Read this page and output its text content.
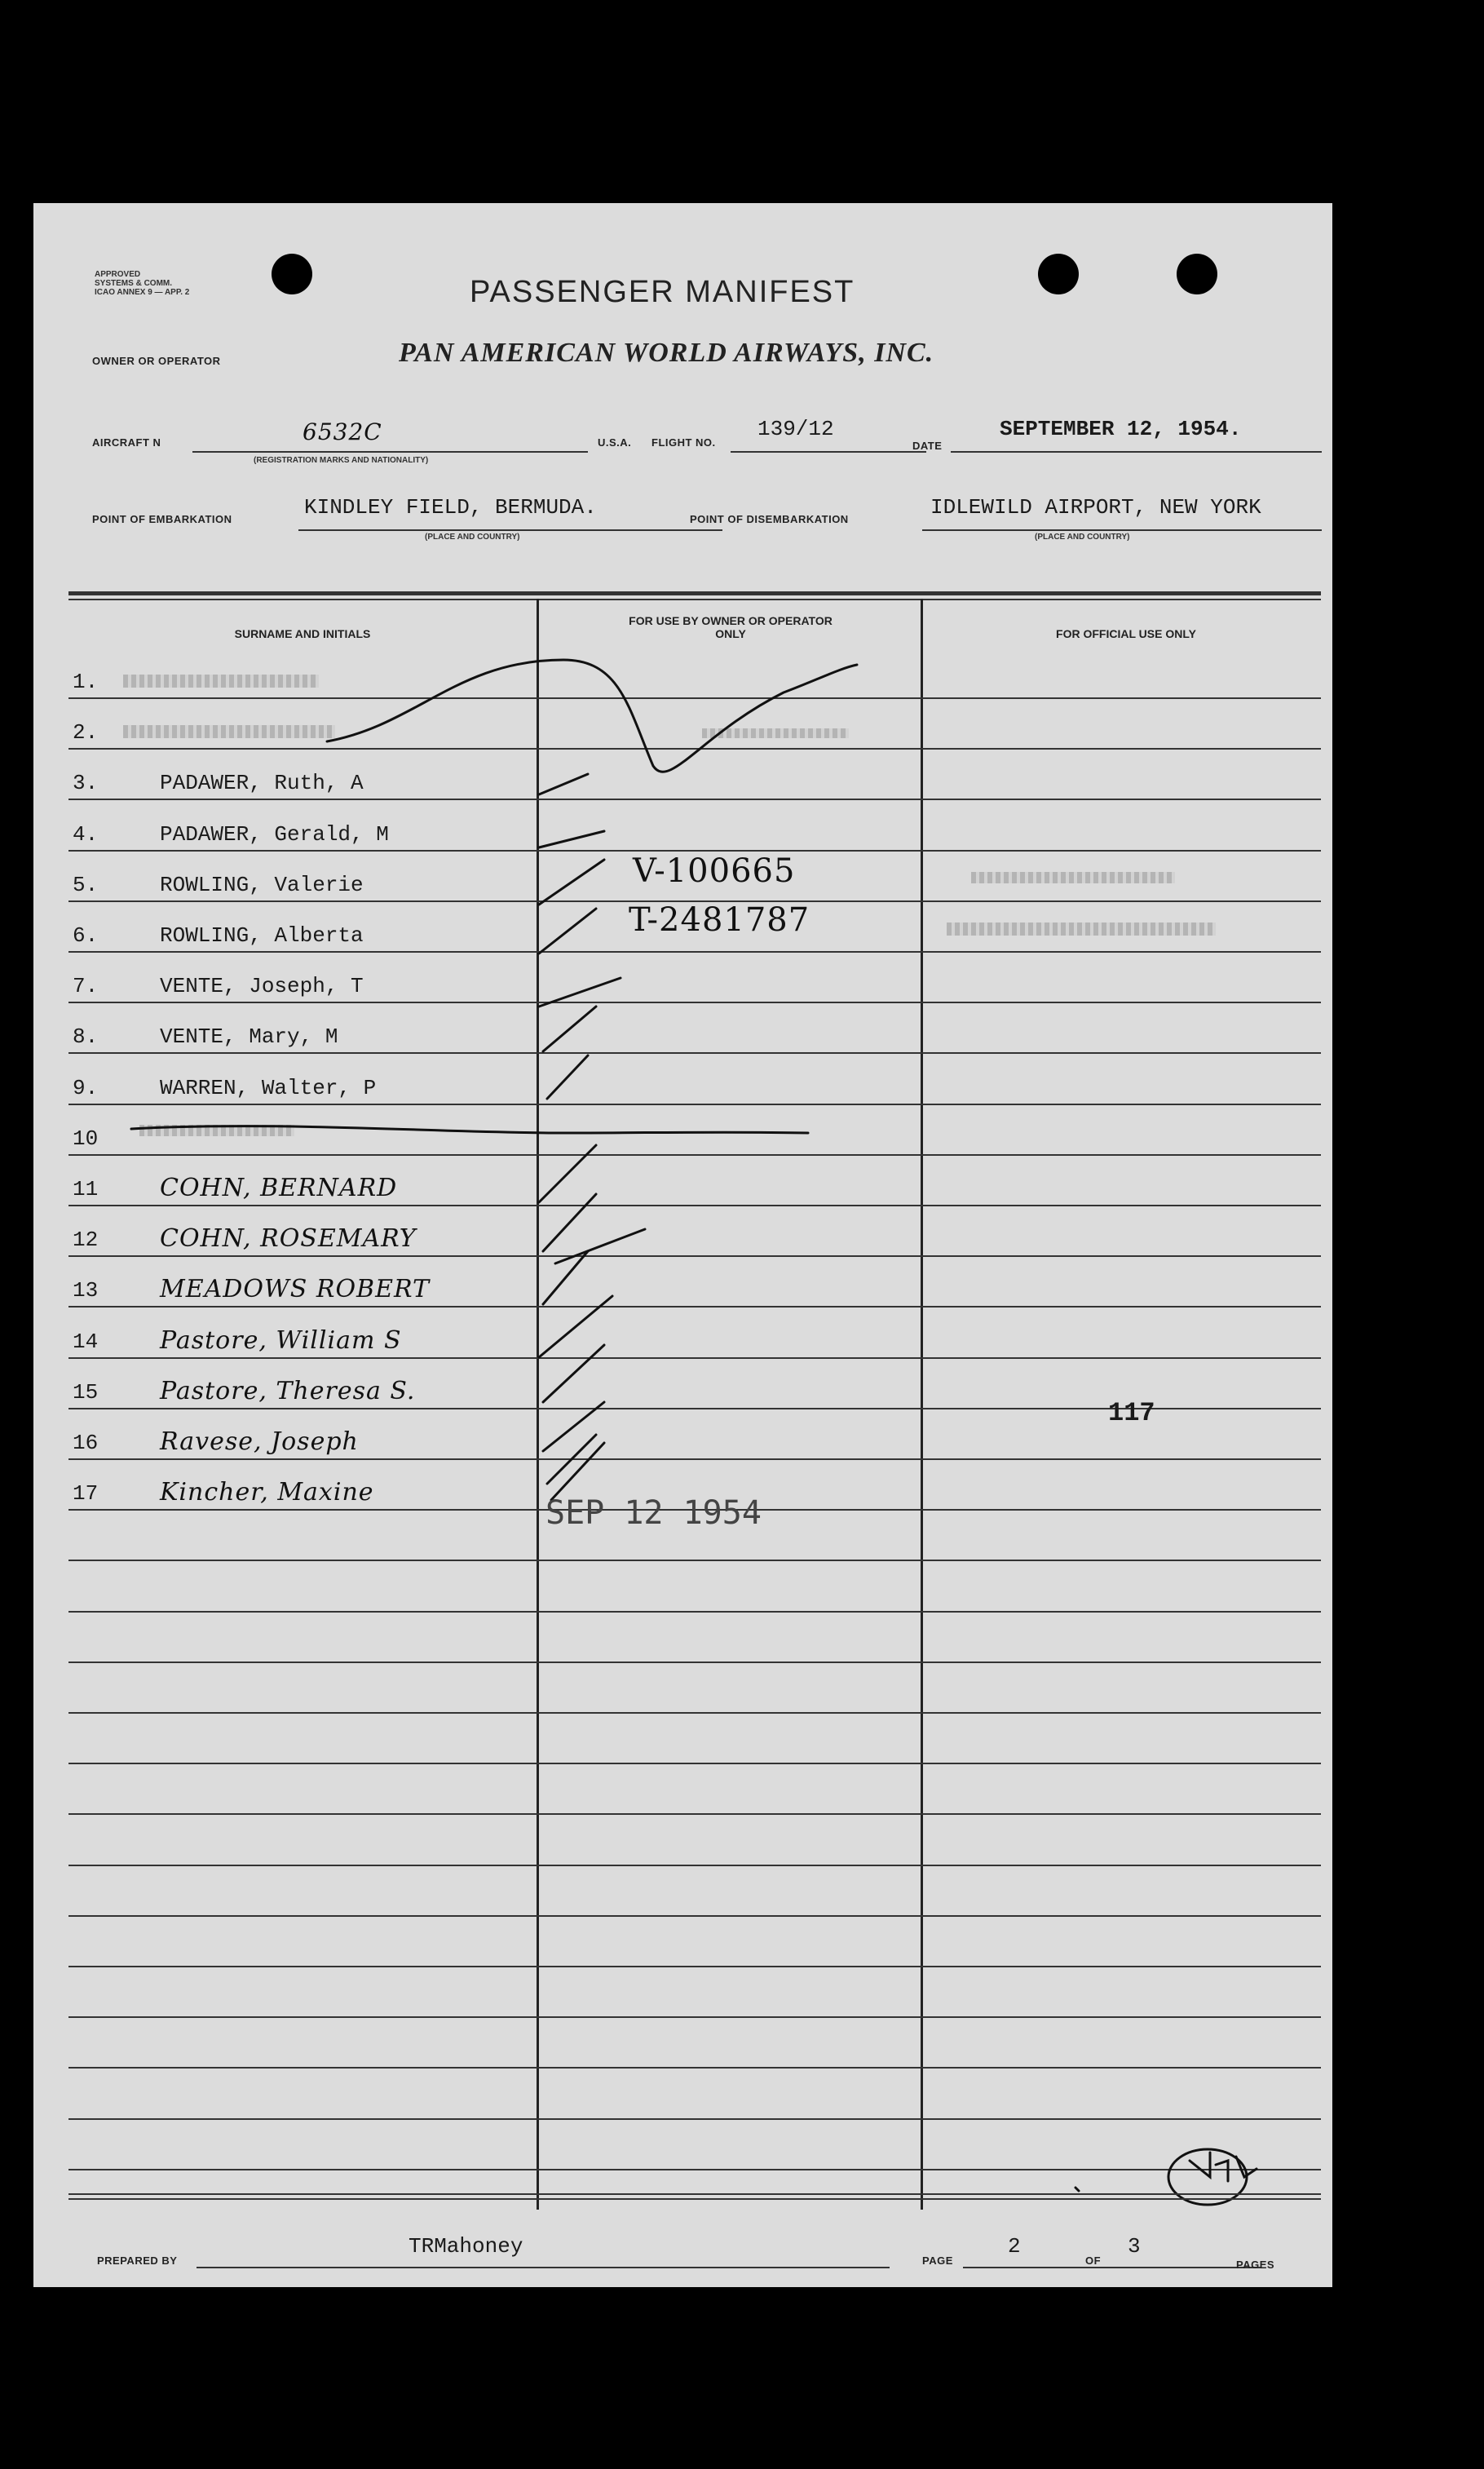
APPROVED
SYSTEMS & COMM.
ICAO ANNEX 9 — APP. 2	PASSENGER MANIFEST
OWNER OR OPERATOR	PAN AMERICAN WORLD AIRWAYS, INC.
AIRCRAFT N	6532C
(REGISTRATION MARKS AND NATIONALITY)
U.S.A. FLIGHT NO.
139/12
DATE
SEPTEMBER 12, 1954.
POINT OF EMBARKATION	KINDLEY FIELD, BERMUDA.
(PLACE AND COUNTRY)
POINT OF DISEMBARKATION	IDLEWILD AIRPORT, NEW YORK
(PLACE AND COUNTRY)
SURNAME AND INITIALS
FOR USE BY OWNER OR OPERATOR ONLY	FOR OFFICIAL USE ONLY
1.
2.
3.	PADAWER, Ruth, A
4.	PADAWER, Gerald, M
5.	ROWLING, Valerie
6.	ROWLING, Alberta
7.	VENTE, Joseph, T
8.	VENTE, Mary, M
9.	WARREN, Walter, P
10
11	COHN, BERNARD
12	COHN, ROSEMARY
13	MEADOWS ROBERT
14	Pastore, William S
15	Pastore, Theresa S.
16	Ravese, Joseph
17	Kincher, Maxine
V-100665
T-2481787
117
SEP 12 1954
PREPARED BY
TRMahoney
PAGE
2
OF
3
PAGES
